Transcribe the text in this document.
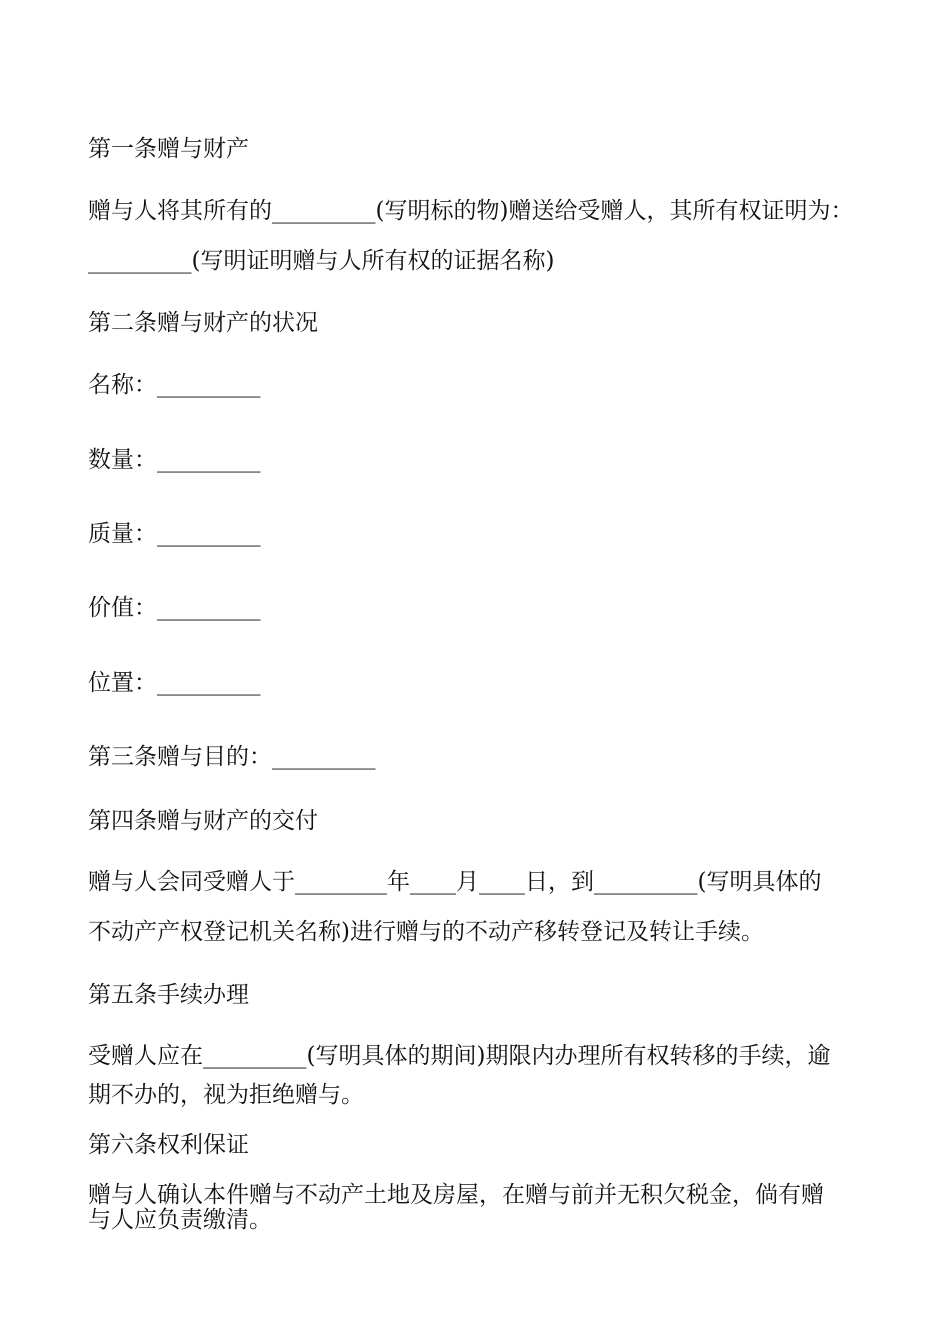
第一条赠与财产
赠与人将其所有的_________(写明标的物)赠送给受赠人，其所有权证明为：
_________(写明证明赠与人所有权的证据名称)
第二条赠与财产的状况
名称：_________
数量：_________
质量：_________
价值：_________
位置：_________
第三条赠与目的：_________
第四条赠与财产的交付
赠与人会同受赠人于________年____月____日，到_________(写明具体的
不动产产权登记机关名称)进行赠与的不动产移转登记及转让手续。
第五条手续办理
受赠人应在_________(写明具体的期间)期限内办理所有权转移的手续，逾
期不办的，视为拒绝赠与。
第六条权利保证
赠与人确认本件赠与不动产土地及房屋，在赠与前并无积欠税金，倘有赠
与人应负责缴清。
